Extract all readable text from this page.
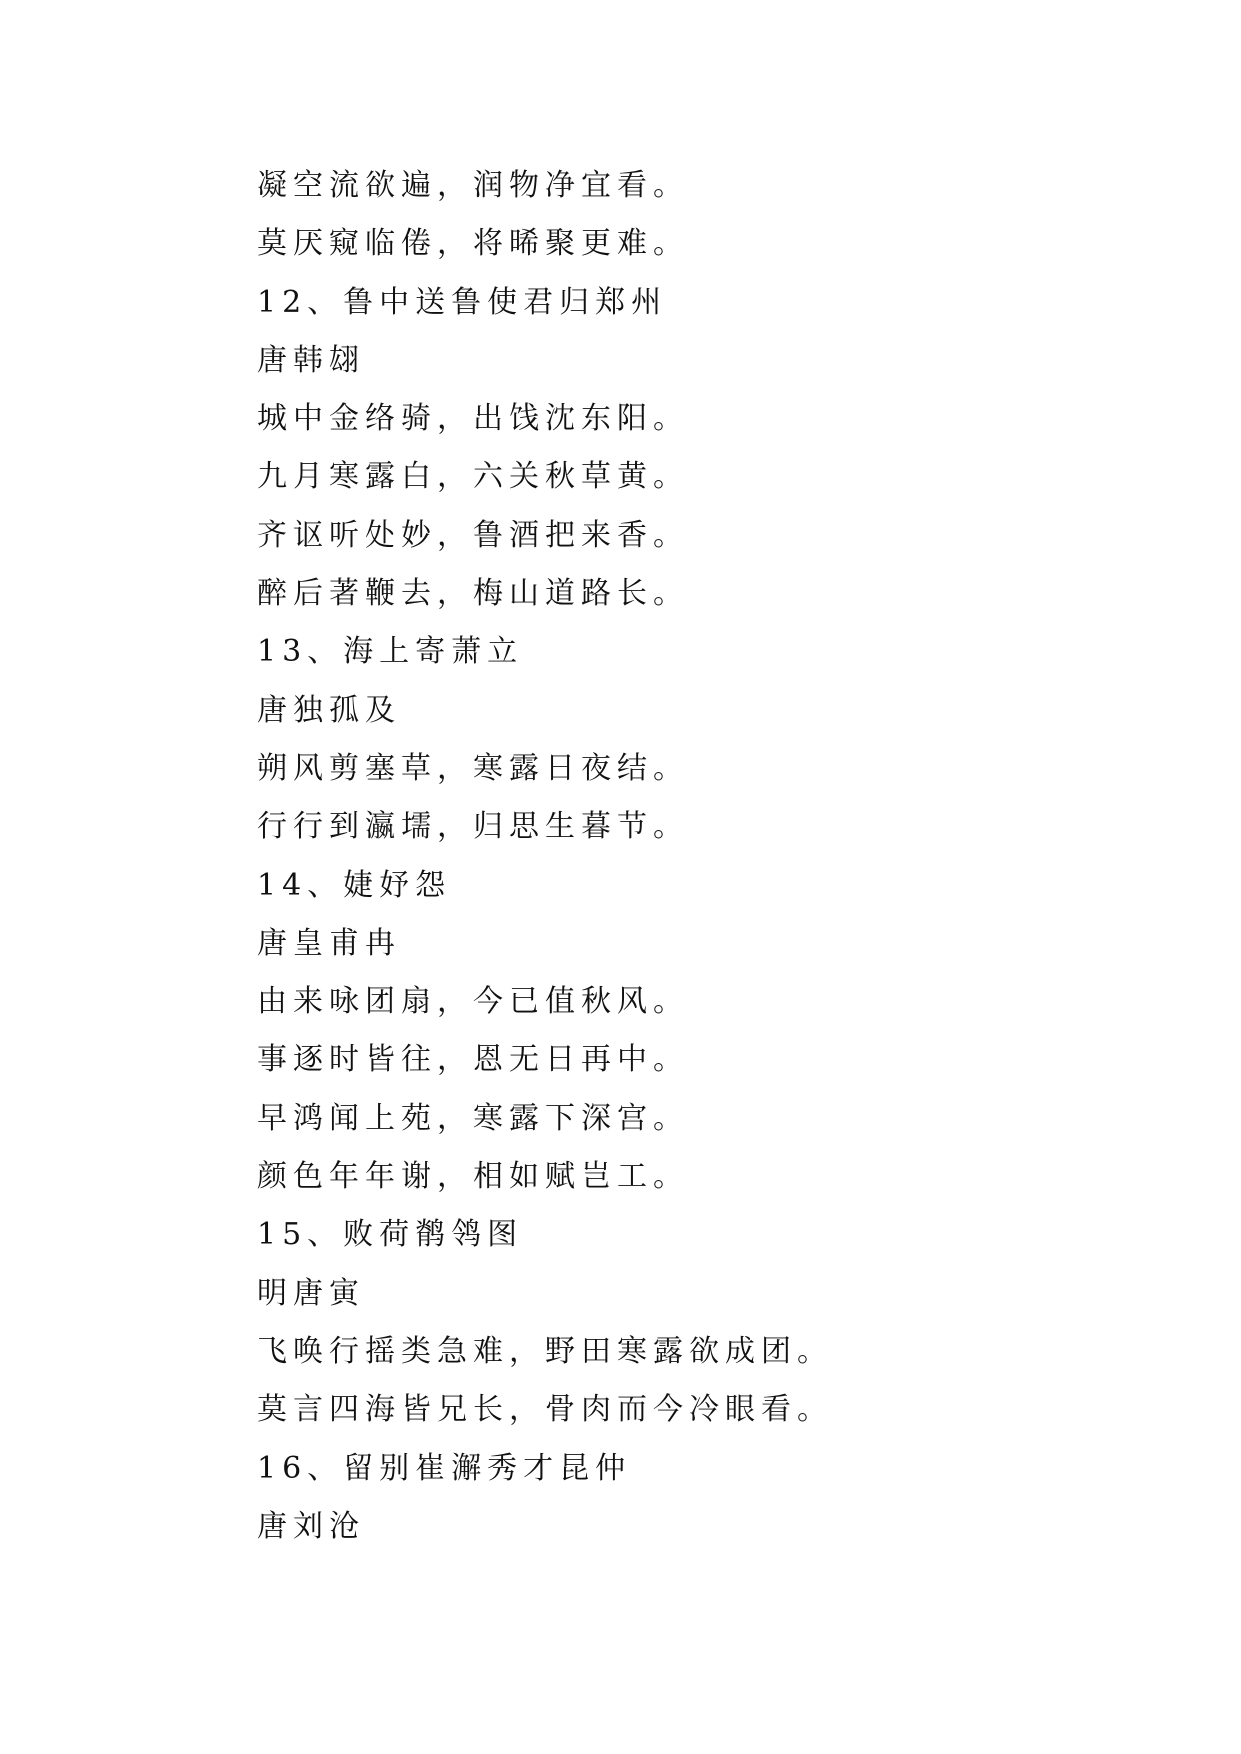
凝空流欲遍，润物净宜看。
莫厌窥临倦，将晞聚更难。
12、鲁中送鲁使君归郑州
唐韩翃
城中金络骑，出饯沈东阳。
九月寒露白，六关秋草黄。
齐讴听处妙，鲁酒把来香。
醉后著鞭去，梅山道路长。
13、海上寄萧立
唐独孤及
朔风剪塞草，寒露日夜结。
行行到瀛壖，归思生暮节。
14、婕妤怨
唐皇甫冉
由来咏团扇，今已值秋风。
事逐时皆往，恩无日再中。
早鸿闻上苑，寒露下深宫。
颜色年年谢，相如赋岂工。
15、败荷鹡鸰图
明唐寅
飞唤行摇类急难，野田寒露欲成团。
莫言四海皆兄长，骨肉而今冷眼看。
16、留别崔澥秀才昆仲
唐刘沧
